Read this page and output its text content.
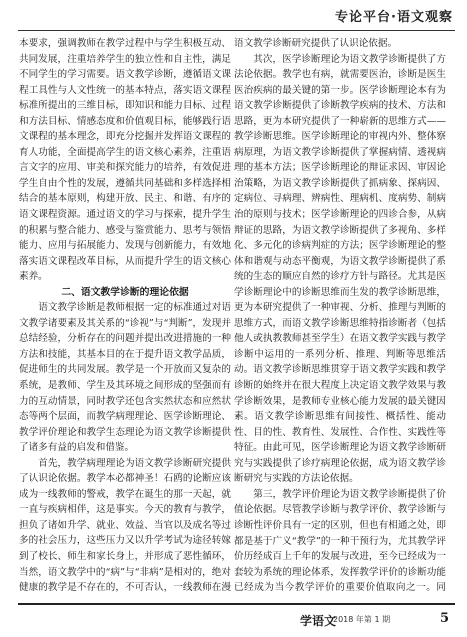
专论平台·语文观察

本要求，强调教师在教学过程中与学生积极互动、共同发展，注重培养学生的独立性和自主性，满足不同学生的学习需要。语文教学诊断，遵循语文课程工具性与人文性统一的基本特点，落实语文课程标准所提出的三维目标，即知识和能力目标、过程和方法目标、情感态度和价值观目标，能够践行语文课程的基本理念，即充分挖掘并发挥语文课程的育人功能，全面提高学生的语文核心素养，注重语言文字的应用、审美和探究能力的培养，有效促进学生自由个性的发展，遵循共同基础和多样选择相结合的基本原则，构建开放、民主、和谐、有序的语文课程资源。通过语文的学习与探索，提升学生的积累与整合能力、感受与鉴赏能力、思考与领悟能力、应用与拓展能力、发现与创新能力，有效地落实语文课程改革目标，从而提升学生的语文核心素养。

二、语文教学诊断的理论依据

语文教学诊断是教师根据一定的标准通过对语文教学诸要素及其关系的“诊视”与“判断”，发现并总结经验，分析存在的问题并提出改进措施的一种方法和技能，其基本目的在于提升语文教学品质，促进师生的共同发展。教学是一个开放而又复杂的系统，是教师、学生及其环境之间形成的坚强而有力的互动情景，同时教学还包含实然状态和应然状态等两个层面，而教学病理理论、医学诊断理论、教学评价理论和教学生态理论为语文教学诊断提供了诸多有益的启发和借鉴。

首先，教学病理理论为语文教学诊断研究提供了认识论依据。教学本必都神圣！石鸥的论断应该成为一线教师的警戒，教学在诞生的那一天起，就一直与疾病相伴，这是事实。今天的教育与教学，担负了诸如升学、就业、效益、当官以及成名等过多的社会压力，这些压力又以升学考试为途径转嫁到了校长、师生和家长身上，并形成了恶性循环，当然，语文教学中的“病”与“非病”是相对的，绝对健康的教学是不存在的，不可否认，一线教师在漫

语文教学诊断研究提供了认识论依据。

其次，医学诊断理论为语文教学诊断提供了方法论依据。教学也有病，就需要医治，诊断是医生医治疾病的最关键的第一步。医学诊断理论本有为语文教学诊断提供了诊断教学疾病的技术、方法和思路，更为本研究提供了一种崭新的思维方式——教学诊断思维。医学诊断理论的审视内外、整体察病原理，为语文教学诊断提供了掌握病情、透视病理的基本方法；医学诊断理论的辩证求因、审因论治策略，为语文教学诊断提供了抓病象、探病因、定病位、寻病理、辨病性、理病机、度病势、制病治的原则与技术；医学诊断理论的四诊合参，从病辩证的思路，为语文教学诊断提供了多视角、多样化、多元化的诊病判症的方法；医学诊断理论的整体和谐观与动态平衡观，为语文教学诊断提供了系统的生态的顺应自然的诊疗方针与路径。尤其是医学诊断理论中的诊断思维而生发的教学诊断思维，更为本研究提供了一种审视、分析、推理与判断的思维方式，而语文教学诊断思维特指诊断者（包括他人或执教教师甚至学生）在语文教学实践与教学诊断中运用的一系列分析、推理、判断等思维活动。语文教学诊断思维贯穿于语文教学实践和教学诊断的始终并在很大程度上决定语文教学效果与教学诊断效果，是教师专业核心能力发展的最关键因素。语文教学诊断思维有间接性、概括性、能动性、目的性、教育性、发展性、合作性、实践性等特征。由此可见，医学诊断理论为语文教学诊断研究与实践提供了诊疗病理论依据，成为语文教学诊断研究与实践的方法论依据。

第三，教学评价理论为语文教学诊断提供了价值论依据。尽管教学诊断与教学评价、教学诊断与诊断性评价具有一定的区别，但也有相通之处，即都是基于广义“教学”的一种干预行为，尤其教学评价历经成百上千年的发展与改进，至今已经成为一套较为系统的理论体系，发挥教学评价的诊断功能已经成为当今教学评价的重要价值取向之一。同

学语文
2018 年第 1 期	5
